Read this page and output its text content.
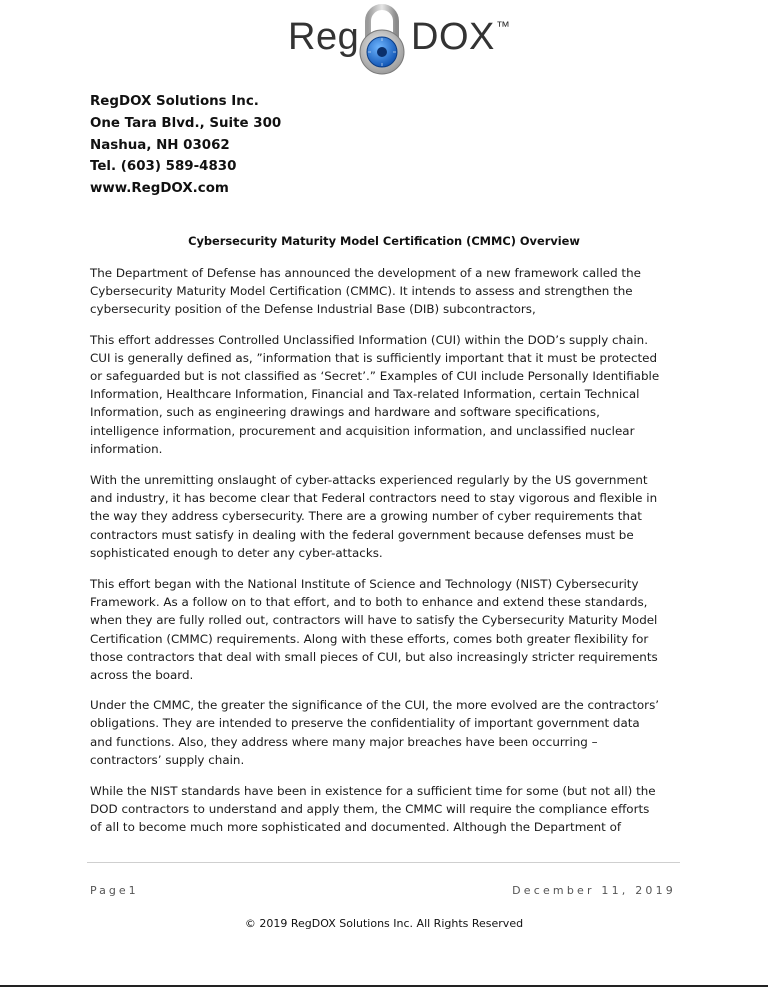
Reg DOX™
RegDOX Solutions Inc.
One Tara Blvd., Suite 300
Nashua, NH 03062
Tel. (603) 589-4830
www.RegDOX.com
Cybersecurity Maturity Model Certification (CMMC) Overview
The Department of Defense has announced the development of a new framework called the
Cybersecurity Maturity Model Certification (CMMC). It intends to assess and strengthen the
cybersecurity position of the Defense Industrial Base (DIB) subcontractors,
This effort addresses Controlled Unclassified Information (CUI) within the DOD’s supply chain.
CUI is generally defined as, ”information that is sufficiently important that it must be protected
or safeguarded but is not classified as ‘Secret’.” Examples of CUI include Personally Identifiable
Information, Healthcare Information, Financial and Tax-related Information, certain Technical
Information, such as engineering drawings and hardware and software specifications,
intelligence information, procurement and acquisition information, and unclassified nuclear
information.
With the unremitting onslaught of cyber-attacks experienced regularly by the US government
and industry, it has become clear that Federal contractors need to stay vigorous and flexible in
the way they address cybersecurity. There are a growing number of cyber requirements that
contractors must satisfy in dealing with the federal government because defenses must be
sophisticated enough to deter any cyber-attacks.
This effort began with the National Institute of Science and Technology (NIST) Cybersecurity
Framework. As a follow on to that effort, and to both to enhance and extend these standards,
when they are fully rolled out, contractors will have to satisfy the Cybersecurity Maturity Model
Certification (CMMC) requirements. Along with these efforts, comes both greater flexibility for
those contractors that deal with small pieces of CUI, but also increasingly stricter requirements
across the board.
Under the CMMC, the greater the significance of the CUI, the more evolved are the contractors’
obligations. They are intended to preserve the confidentiality of important government data
and functions. Also, they address where many major breaches have been occurring –
contractors’ supply chain.
While the NIST standards have been in existence for a sufficient time for some (but not all) the
DOD contractors to understand and apply them, the CMMC will require the compliance efforts
of all to become much more sophisticated and documented. Although the Department of
Page1	December 11, 2019
© 2019 RegDOX Solutions Inc. All Rights Reserved
